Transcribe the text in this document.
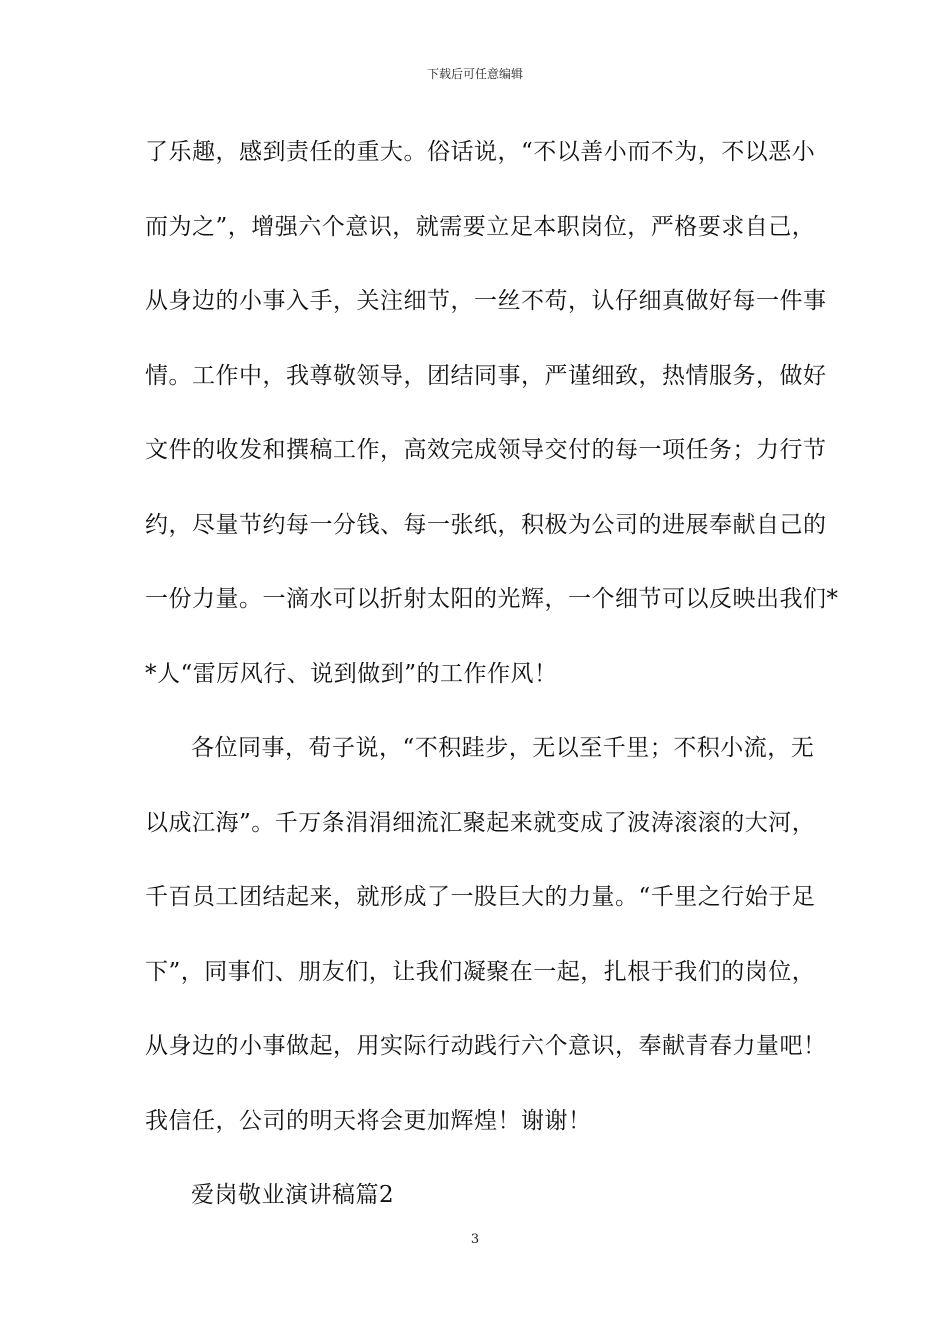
下载后可任意编辑
了乐趣，感到责任的重大。俗话说，“不以善小而不为，不以恶小
而为之”，增强六个意识，就需要立足本职岗位，严格要求自己，
从身边的小事入手，关注细节，一丝不苟，认仔细真做好每一件事
情。工作中，我尊敬领导，团结同事，严谨细致，热情服务，做好
文件的收发和撰稿工作，高效完成领导交付的每一项任务；力行节
约，尽量节约每一分钱、每一张纸，积极为公司的进展奉献自己的
一份力量。一滴水可以折射太阳的光辉，一个细节可以反映出我们*
*人“雷厉风行、说到做到”的工作作风！
各位同事，荀子说，“不积跬步，无以至千里；不积小流，无
以成江海”。千万条涓涓细流汇聚起来就变成了波涛滚滚的大河，
千百员工团结起来，就形成了一股巨大的力量。“千里之行始于足
下”，同事们、朋友们，让我们凝聚在一起，扎根于我们的岗位，
从身边的小事做起，用实际行动践行六个意识，奉献青春力量吧！
我信任，公司的明天将会更加辉煌！谢谢！
爱岗敬业演讲稿篇2
3
